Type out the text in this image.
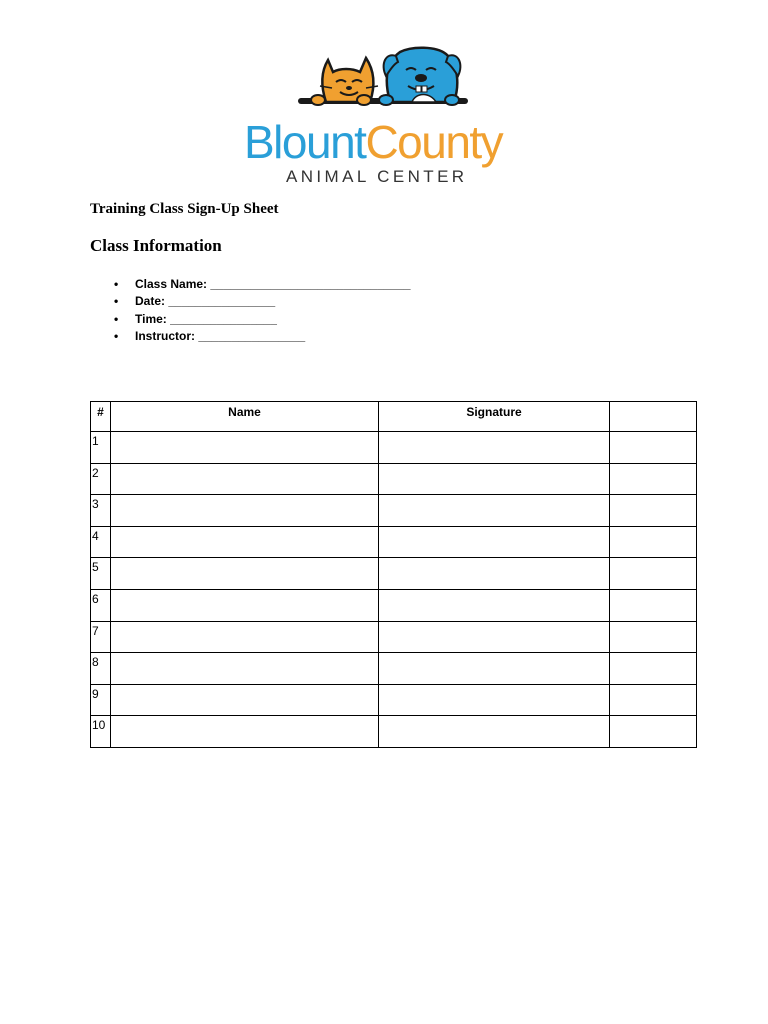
BlountCounty
ANIMAL CENTER
Training Class Sign-Up Sheet
Class Information
• Class Name: ______________________________
• Date: ________________
• Time: ________________
• Instructor: ________________
#	Name	Signature	
1			
2			
3			
4			
5			
6			
7			
8			
9			
10			
